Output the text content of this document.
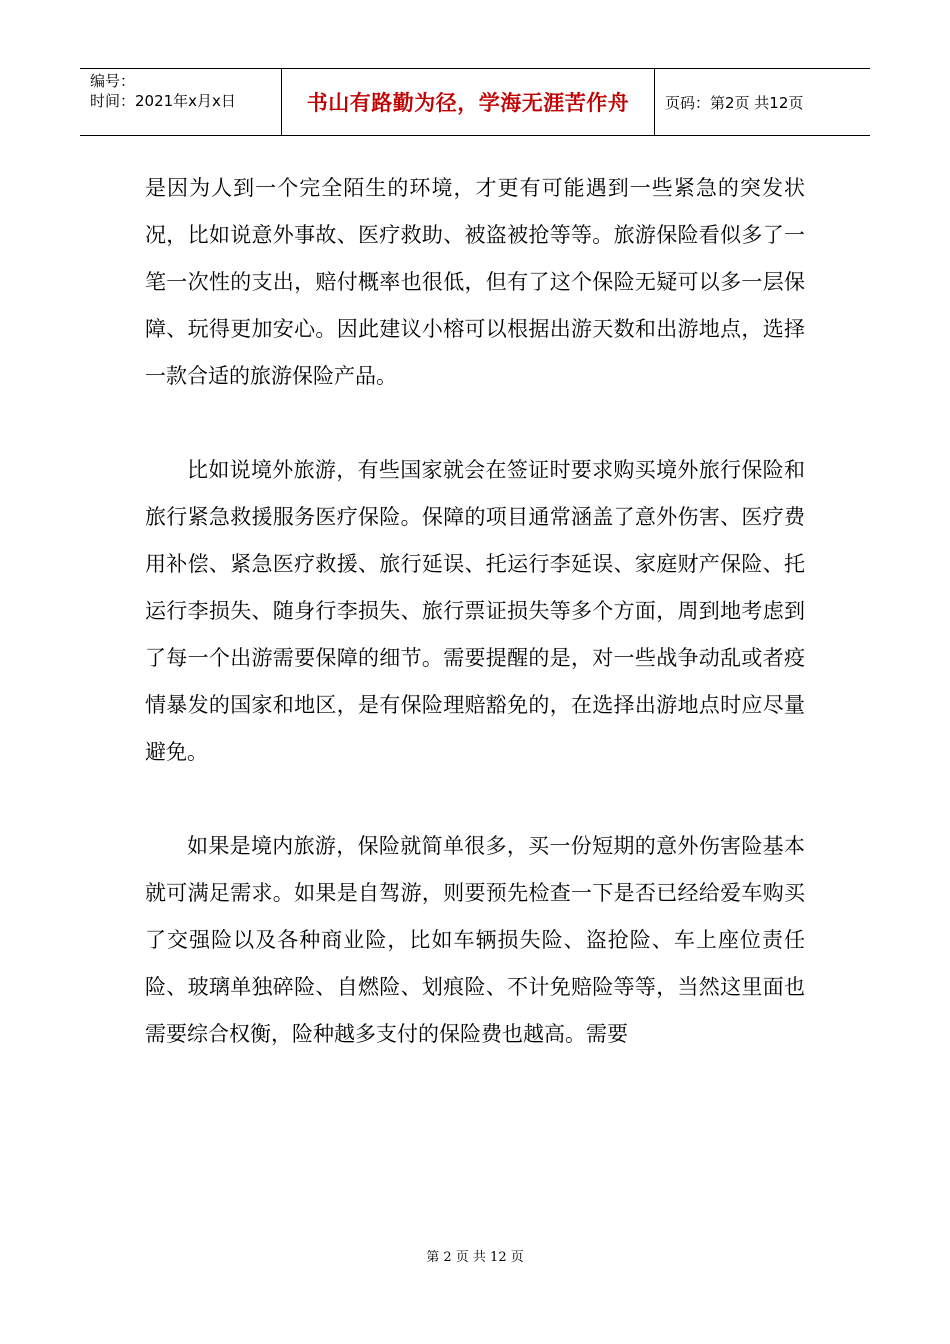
编号：
时间：2021年x月x日	书山有路勤为径，学海无涯苦作舟 页码：第2页 共12页

是因为人到一个完全陌生的环境，才更有可能遇到一些紧急的突发状况，比如说意外事故、医疗救助、被盗被抢等等。旅游保险看似多了一笔一次性的支出，赔付概率也很低，但有了这个保险无疑可以多一层保障、玩得更加安心。因此建议小榕可以根据出游天数和出游地点，选择一款合适的旅游保险产品。

比如说境外旅游，有些国家就会在签证时要求购买境外旅行保险和旅行紧急救援服务医疗保险。保障的项目通常涵盖了意外伤害、医疗费用补偿、紧急医疗救援、旅行延误、托运行李延误、家庭财产保险、托运行李损失、随身行李损失、旅行票证损失等多个方面，周到地考虑到了每一个出游需要保障的细节。需要提醒的是，对一些战争动乱或者疫情暴发的国家和地区，是有保险理赔豁免的，在选择出游地点时应尽量避免。

如果是境内旅游，保险就简单很多，买一份短期的意外伤害险基本就可满足需求。如果是自驾游，则要预先检查一下是否已经给爱车购买了交强险以及各种商业险，比如车辆损失险、盗抢险、车上座位责任险、玻璃单独碎险、自燃险、划痕险、不计免赔险等等，当然这里面也需要综合权衡，险种越多支付的保险费也越高。需要

第 2 页 共 12 页
